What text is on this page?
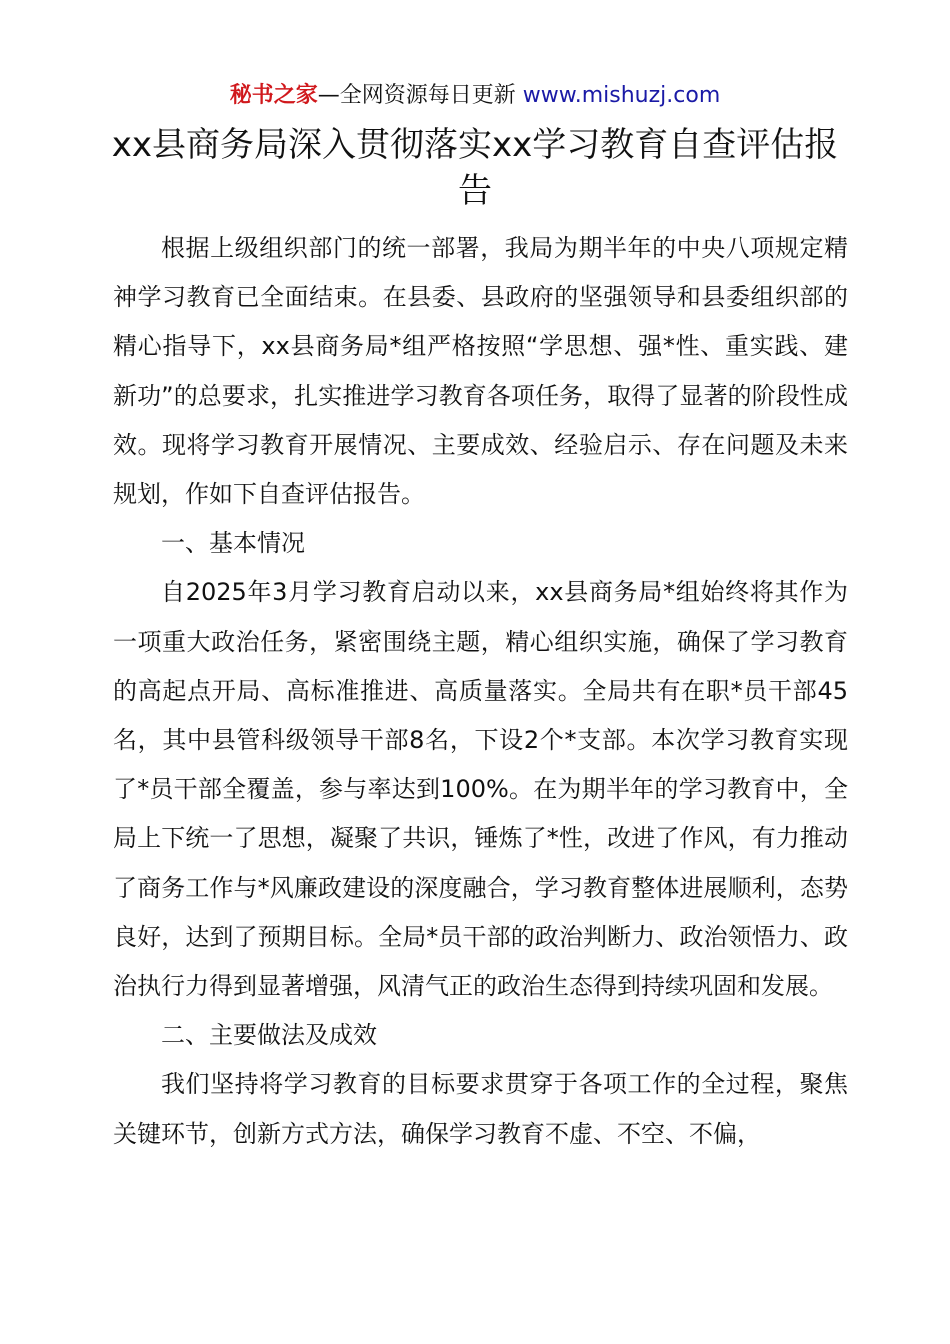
秘书之家—全网资源每日更新 www.mishuzj.com
xx县商务局深入贯彻落实xx学习教育自查评估报告

根据上级组织部门的统一部署，我局为期半年的中央八项规定精神学习教育已全面结束。在县委、县政府的坚强领导和县委组织部的精心指导下，xx县商务局*组严格按照“学思想、强*性、重实践、建新功”的总要求，扎实推进学习教育各项任务，取得了显著的阶段性成效。现将学习教育开展情况、主要成效、经验启示、存在问题及未来规划，作如下自查评估报告。

一、基本情况

自2025年3月学习教育启动以来，xx县商务局*组始终将其作为一项重大政治任务，紧密围绕主题，精心组织实施，确保了学习教育的高起点开局、高标准推进、高质量落实。全局共有在职*员干部45名，其中县管科级领导干部8名，下设2个*支部。本次学习教育实现了*员干部全覆盖，参与率达到100%。在为期半年的学习教育中，全局上下统一了思想，凝聚了共识，锤炼了*性，改进了作风，有力推动了商务工作与*风廉政建设的深度融合，学习教育整体进展顺利，态势良好，达到了预期目标。全局*员干部的政治判断力、政治领悟力、政治执行力得到显著增强，风清气正的政治生态得到持续巩固和发展。

二、主要做法及成效

我们坚持将学习教育的目标要求贯穿于各项工作的全过程，聚焦关键环节，创新方式方法，确保学习教育不虚、不空、不偏，
